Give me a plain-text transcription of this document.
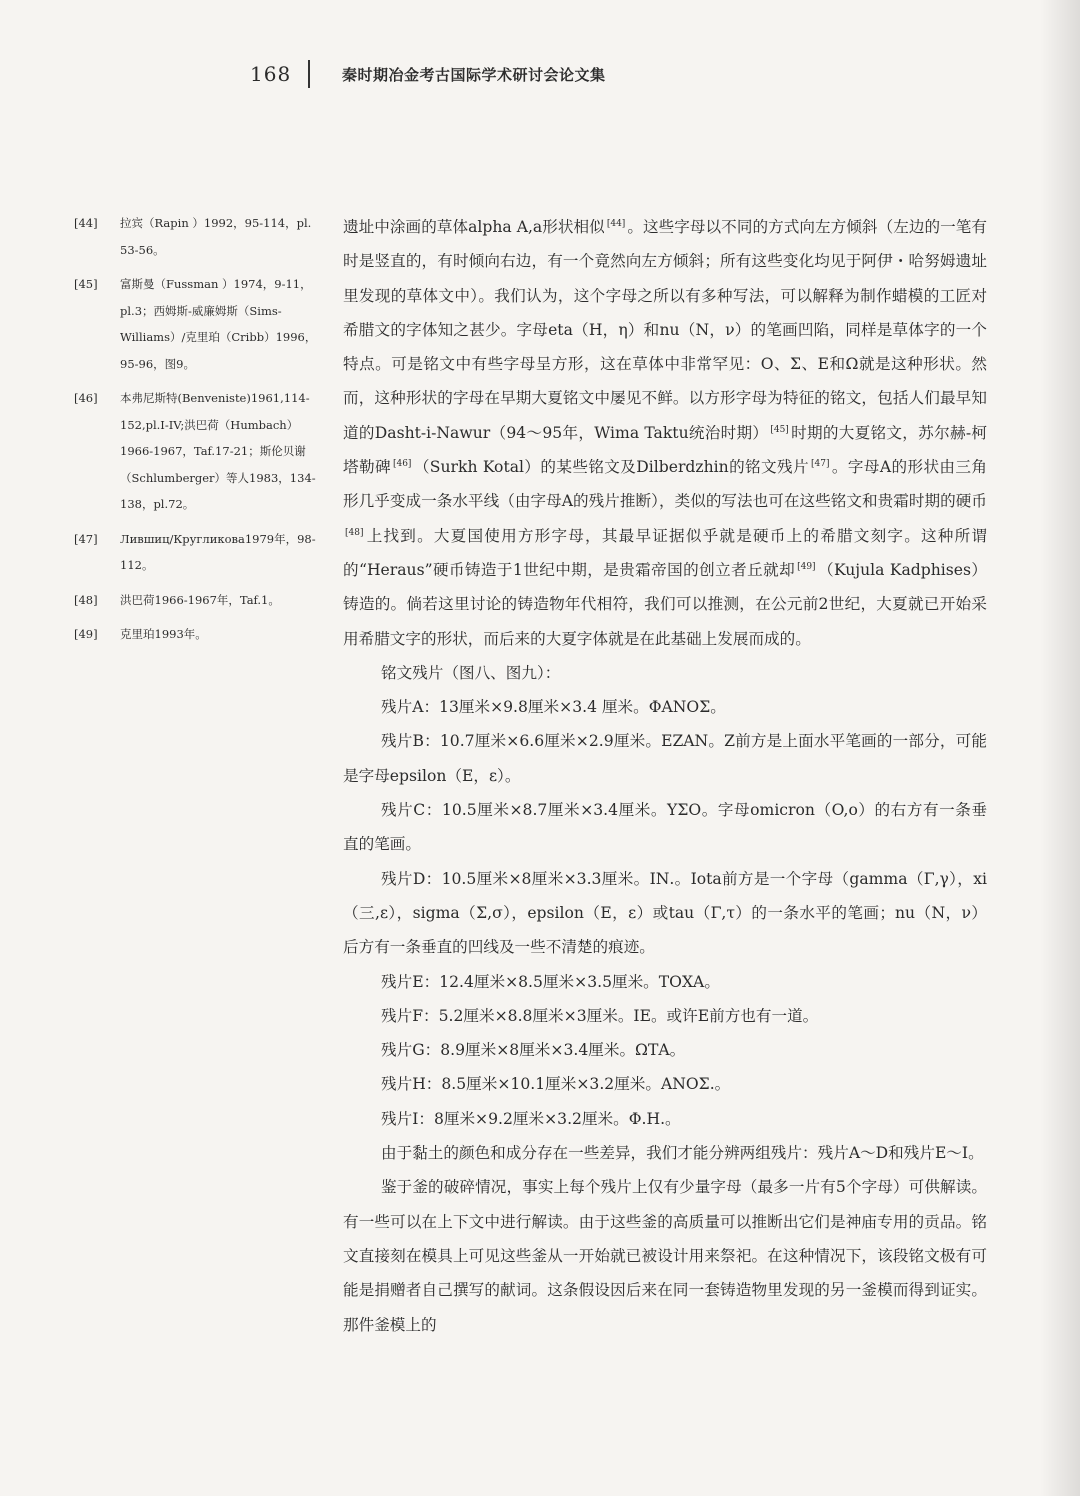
168	秦时期冶金考古国际学术研讨会论文集
[44]	拉宾（Rapin ）1992，95-114，pl. 53-56。
[45]	富斯曼（Fussman ）1974，9-11，pl.3；西姆斯-威廉姆斯（Sims-Williams）/克里珀（Cribb）1996，95-96，图9。
[46]	本弗尼斯特(Benveniste)1961,114-152,pl.I-IV;洪巴荷（Humbach）1966-1967，Taf.17-21；斯伦贝谢（Schlumberger）等人1983，134-138，pl.72。
[47]	Лившиц/Кругликова1979年，98-112。
[48]	洪巴荷1966-1967年，Taf.1。
[49]	克里珀1993年。

遗址中涂画的草体alpha A,a形状相似 [44] 。这些字母以不同的方式向左方倾斜（左边的一笔有时是竖直的，有时倾向右边，有一个竟然向左方倾斜；所有这些变化均见于阿伊・哈努姆遗址里发现的草体文中）。我们认为，这个字母之所以有多种写法，可以解释为制作蜡模的工匠对希腊文的字体知之甚少。字母eta（H，η）和nu（N，ν）的笔画凹陷，同样是草体字的一个特点。可是铭文中有些字母呈方形，这在草体中非常罕见：O、Σ、E和Ω就是这种形状。然而，这种形状的字母在早期大夏铭文中屡见不鲜。以方形字母为特征的铭文，包括人们最早知道的Dasht-i-Nawur（94〜95年，Wima Taktu统治时期） [45] 时期的大夏铭文，苏尔赫-柯塔勒碑 [46] （Surkh Kotal）的某些铭文及Dilberdzhin的铭文残片 [47] 。字母A的形状由三角形几乎变成一条水平线（由字母A的残片推断），类似的写法也可在这些铭文和贵霜时期的硬币[48] 上找到。大夏国使用方形字母，其最早证据似乎就是硬币上的希腊文刻字。这种所谓的“Heraus”硬币铸造于1世纪中期，是贵霜帝国的创立者丘就却 [49] （Kujula Kadphises）铸造的。倘若这里讨论的铸造物年代相符，我们可以推测，在公元前2世纪，大夏就已开始采用希腊文字的形状，而后来的大夏字体就是在此基础上发展而成的。

铭文残片（图八、图九）：

残片A：13厘米×9.8厘米×3.4 厘米。ΦΑΝΟΣ。

残片B：10.7厘米×6.6厘米×2.9厘米。ΕΖΑΝ。Z前方是上面水平笔画的一部分，可能是字母epsilon（E，ε）。

残片C：10.5厘米×8.7厘米×3.4厘米。ΥΣΟ。字母omicron（O,o）的右方有一条垂直的笔画。

残片D：10.5厘米×8厘米×3.3厘米。ΙΝ.。Iota前方是一个字母（gamma（Γ,γ），xi（三,ε），sigma（Σ,σ），epsilon（E，ε）或tau（Γ,τ）的一条水平的笔画；nu（N，ν）后方有一条垂直的凹线及一些不清楚的痕迹。

残片E：12.4厘米×8.5厘米×3.5厘米。ΤΟΧΑ。

残片F：5.2厘米×8.8厘米×3厘米。ΙΕ。或许E前方也有一道。

残片G：8.9厘米×8厘米×3.4厘米。ΩΤΑ。

残片H：8.5厘米×10.1厘米×3.2厘米。ΑΝΟΣ.。

残片I：8厘米×9.2厘米×3.2厘米。Φ.Η.。

由于黏土的颜色和成分存在一些差异，我们才能分辨两组残片：残片A〜D和残片E〜I。

鉴于釜的破碎情况，事实上每个残片上仅有少量字母（最多一片有5个字母）可供解读。有一些可以在上下文中进行解读。由于这些釜的高质量可以推断出它们是神庙专用的贡品。铭文直接刻在模具上可见这些釜从一开始就已被设计用来祭祀。在这种情况下，该段铭文极有可能是捐赠者自己撰写的献词。这条假设因后来在同一套铸造物里发现的另一釜模而得到证实。那件釜模上的
